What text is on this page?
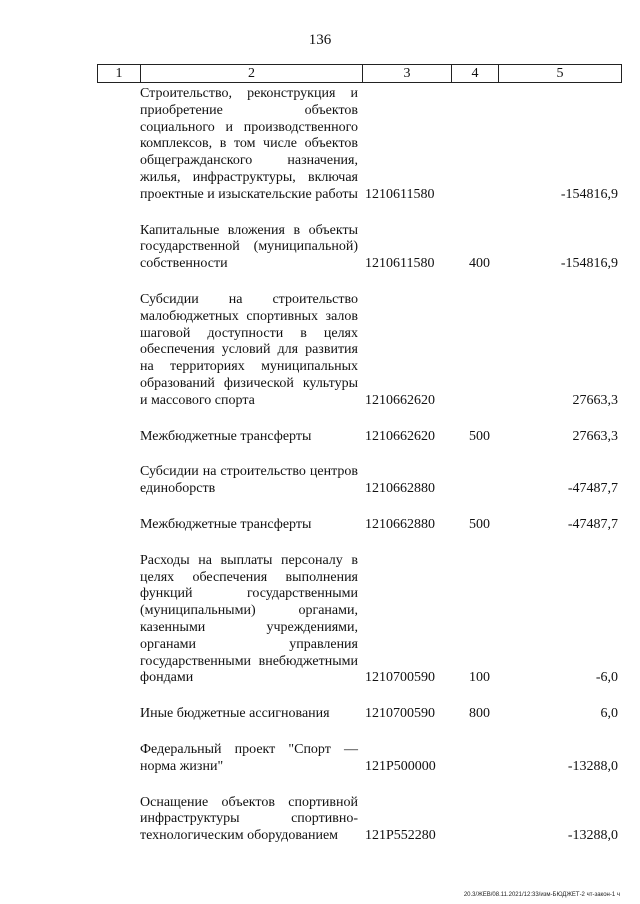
136
1	2	3	4	5
Строительство, реконструкция и приобретение объектов социального и производственного комплексов, в том числе объектов общегражданского назначения, жилья, инфраструктуры, включая проектные и изыскательские работы 1210611580	-154816,9
Капитальные вложения в объекты государственной (муниципальной) собственности	1210611580 400	-154816,9
Субсидии на строительство малобюджетных спортивных залов шаговой доступности в целях обеспечения условий для развития на территориях муниципальных образований физической культуры и массового спорта	1210662620	27663,3
Межбюджетные трансферты	1210662620 500	27663,3
Субсидии на строительство центров единоборств	1210662880	-47487,7
Межбюджетные трансферты	1210662880 500	-47487,7
Расходы на выплаты персоналу в целях обеспечения выполнения функций государственными (муниципальными) органами, казенными учреждениями, органами управления государственными внебюджетными фондами	1210700590 100	-6,0
Иные бюджетные ассигнования	1210700590 800	6,0
Федеральный проект "Спорт — норма жизни"	121P500000	-13288,0
Оснащение объектов спортивной инфраструктуры спортивно-технологическим оборудованием	121P552280	-13288,0
20.3/ЖЕВ/08.11.2021/12:33/изм-БЮДЖЕТ-2 чт-закон-1 ч
